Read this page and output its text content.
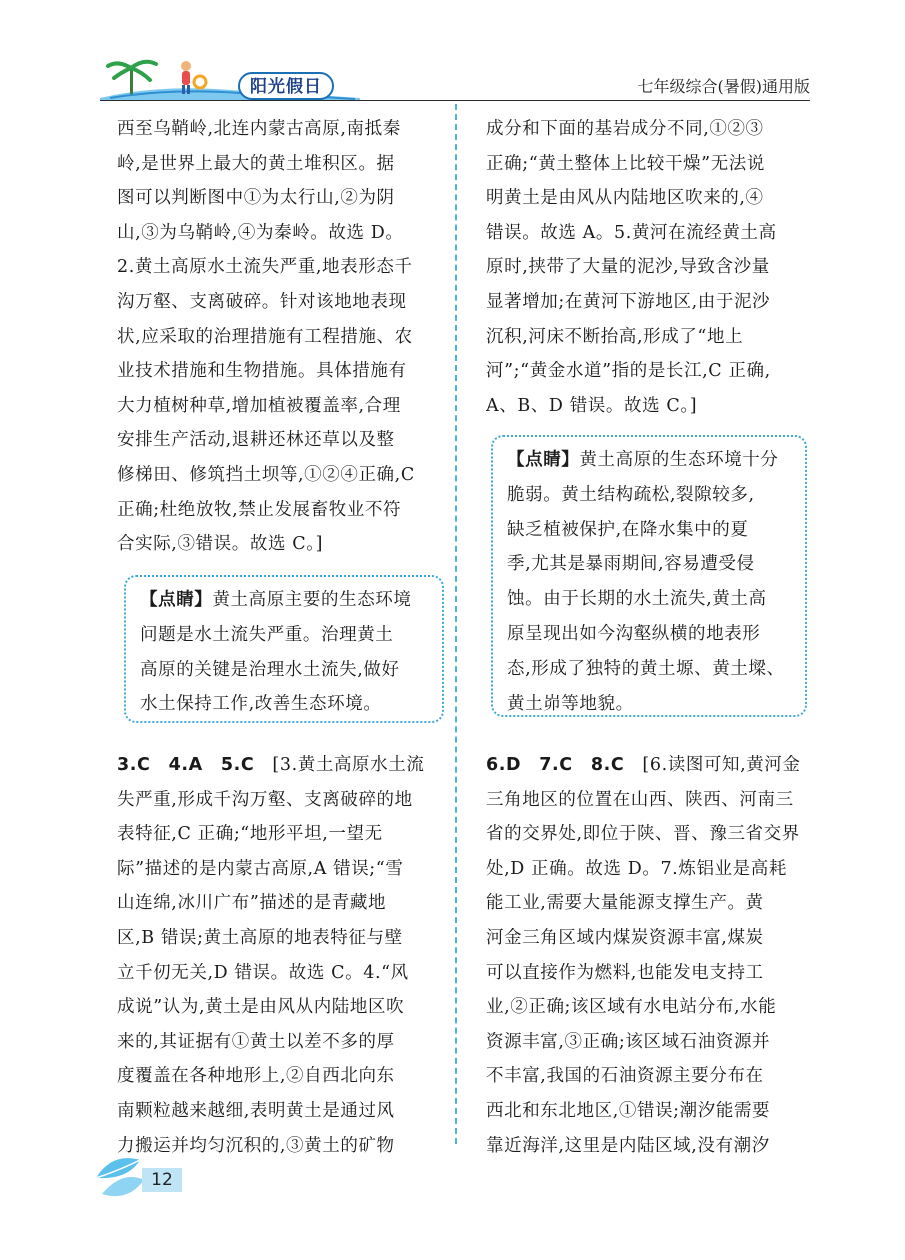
阳光假日	七年级综合(暑假)通用版

西至乌鞘岭,北连内蒙古高原,南抵秦

岭,是世界上最大的黄土堆积区。据

图可以判断图中①为太行山,②为阴

山,③为乌鞘岭,④为秦岭。故选 D。

2.黄土高原水土流失严重,地表形态千

沟万壑、支离破碎。针对该地地表现

状,应采取的治理措施有工程措施、农

业技术措施和生物措施。具体措施有

大力植树种草,增加植被覆盖率,合理

安排生产活动,退耕还林还草以及整

修梯田、修筑挡土坝等,①②④正确,C

正确;杜绝放牧,禁止发展畜牧业不符

合实际,③错误。故选 C。]

【点睛】黄土高原主要的生态环境

问题是水土流失严重。治理黄土

高原的关键是治理水土流失,做好

水土保持工作,改善生态环境。

成分和下面的基岩成分不同,①②③

正确;“黄土整体上比较干燥”无法说

明黄土是由风从内陆地区吹来的,④

错误。故选 A。5.黄河在流经黄土高

原时,挟带了大量的泥沙,导致含沙量

显著增加;在黄河下游地区,由于泥沙

沉积,河床不断抬高,形成了“地上

河”;“黄金水道”指的是长江,C 正确,

A、B、D 错误。故选 C。]

【点睛】黄土高原的生态环境十分

脆弱。黄土结构疏松,裂隙较多,

缺乏植被保护,在降水集中的夏

季,尤其是暴雨期间,容易遭受侵

蚀。由于长期的水土流失,黄土高

原呈现出如今沟壑纵横的地表形

态,形成了独特的黄土塬、黄土墚、

黄土峁等地貌。

3.C　4.A　5.C　 [3.黄土高原水土流

失严重,形成千沟万壑、支离破碎的地

表特征,C 正确;“地形平坦,一望无

际”描述的是内蒙古高原,A 错误;“雪

山连绵,冰川广布”描述的是青藏地

区,B 错误;黄土高原的地表特征与壁

立千仞无关,D 错误。故选 C。4.“风

成说”认为,黄土是由风从内陆地区吹

来的,其证据有①黄土以差不多的厚

度覆盖在各种地形上,②自西北向东

南颗粒越来越细,表明黄土是通过风

力搬运并均匀沉积的,③黄土的矿物

6.D　7.C　8.C　 [6.读图可知,黄河金

三角地区的位置在山西、陕西、河南三

省的交界处,即位于陕、晋、豫三省交界

处,D 正确。故选 D。7.炼铝业是高耗

能工业,需要大量能源支撑生产。黄

河金三角区域内煤炭资源丰富,煤炭

可以直接作为燃料,也能发电支持工

业,②正确;该区域有水电站分布,水能

资源丰富,③正确;该区域石油资源并

不丰富,我国的石油资源主要分布在

西北和东北地区,①错误;潮汐能需要

靠近海洋,这里是内陆区域,没有潮汐

12
